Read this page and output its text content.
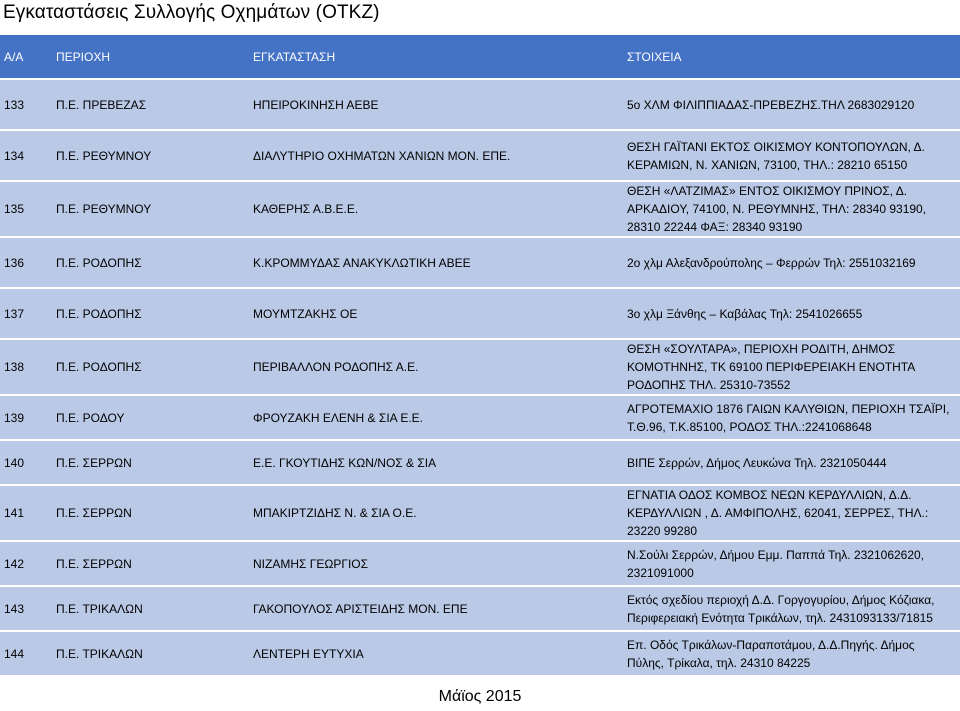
Εγκαταστάσεις Συλλογής Οχημάτων (ΟΤΚΖ)
Α/Α	ΠΕΡΙΟΧΗ	ΕΓΚΑΤΑΣΤΑΣΗ	ΣΤΟΙΧΕΙΑ
133	Π.Ε. ΠΡΕΒΕΖΑΣ	ΗΠΕΙΡΟΚΙΝΗΣΗ ΑΕΒΕ	5ο ΧΛΜ ΦΙΛΙΠΠΙΑΔΑΣ-ΠΡΕΒΕΖΗΣ.ΤΗΛ 2683029120
134	Π.Ε. ΡΕΘΥΜΝΟΥ	ΔΙΑΛΥΤΗΡΙΟ ΟΧΗΜΑΤΩΝ ΧΑΝΙΩΝ ΜΟΝ. ΕΠΕ.	ΘΕΣΗ ΓΑΪΤΑΝΙ ΕΚΤΟΣ ΟΙΚΙΣΜΟΥ ΚΟΝΤΟΠΟΥΛΩΝ, Δ. ΚΕΡΑΜΙΩΝ, Ν. ΧΑΝΙΩΝ, 73100, ΤΗΛ.: 28210 65150
135	Π.Ε. ΡΕΘΥΜΝΟΥ	ΚΑΘΕΡΗΣ Α.Β.Ε.Ε.	ΘΕΣΗ «ΛΑΤΖΙΜΑΣ» ΕΝΤΟΣ ΟΙΚΙΣΜΟΥ ΠΡΙΝΟΣ, Δ. ΑΡΚΑΔΙΟΥ, 74100, Ν. ΡΕΘΥΜΝΗΣ, ΤΗΛ: 28340 93190, 28310 22244 ΦΑΞ: 28340 93190
136	Π.Ε. ΡΟΔΟΠΗΣ	Κ.ΚΡΟΜΜΥΔΑΣ ΑΝΑΚΥΚΛΩΤΙΚΗ ΑΒΕΕ	2ο χλμ Αλεξανδρούπολης – Φερρών Τηλ: 2551032169
137	Π.Ε. ΡΟΔΟΠΗΣ	ΜΟΥΜΤΖΑΚΗΣ ΟΕ	3ο χλμ Ξάνθης – Καβάλας Τηλ: 2541026655
138	Π.Ε. ΡΟΔΟΠΗΣ	ΠΕΡΙΒΑΛΛΟΝ ΡΟΔΟΠΗΣ Α.Ε.	ΘΕΣΗ «ΣΟΥΛΤΑΡΑ», ΠΕΡΙΟΧΗ ΡΟΔΙΤΗ, ΔΗΜΟΣ ΚΟΜΟΤΗΝΗΣ, ΤΚ 69100 ΠΕΡΙΦΕΡΕΙΑΚΗ ΕΝΟΤΗΤΑ ΡΟΔΟΠΗΣ ΤΗΛ. 25310-73552
139	Π.Ε. ΡΟΔΟΥ	ΦΡΟΥΖΑΚΗ ΕΛΕΝΗ & ΣΙΑ Ε.Ε.	ΑΓΡΟΤΕΜΑΧΙΟ 1876 ΓΑΙΩΝ ΚΑΛΥΘΙΩΝ, ΠΕΡΙΟΧΗ ΤΣΑΪΡΙ, Τ.Θ.96, Τ.Κ.85100, ΡΟΔΟΣ ΤΗΛ.:2241068648
140	Π.Ε. ΣΕΡΡΩΝ	Ε.Ε. ΓΚΟΥΤΙΔΗΣ ΚΩΝ/ΝΟΣ & ΣΙΑ	ΒΙΠΕ Σερρών, Δήμος Λευκώνα Τηλ. 2321050444
141	Π.Ε. ΣΕΡΡΩΝ	ΜΠΑΚΙΡΤΖΙΔΗΣ Ν. & ΣΙΑ Ο.Ε.	ΕΓΝΑΤΙΑ ΟΔΟΣ ΚΟΜΒΟΣ ΝΕΩΝ ΚΕΡΔΥΛΛΙΩΝ, Δ.Δ. ΚΕΡΔΥΛΛΙΩΝ , Δ. ΑΜΦΙΠΟΛΗΣ, 62041, ΣΕΡΡΕΣ, ΤΗΛ.: 23220 99280
142	Π.Ε. ΣΕΡΡΩΝ	ΝΙΖΑΜΗΣ ΓΕΩΡΓΙΟΣ	Ν.Σούλι Σερρών, Δήμου Εμμ. Παππά Τηλ. 2321062620, 2321091000
143	Π.Ε. ΤΡΙΚΑΛΩΝ	ΓΑΚΟΠΟΥΛΟΣ ΑΡΙΣΤΕΙΔΗΣ ΜΟΝ. ΕΠΕ	Εκτός σχεδίου περιοχή Δ.Δ. Γοργογυρίου, Δήμος Κόζιακα, Περιφερειακή Ενότητα Τρικάλων, τηλ. 2431093133/71815
144	Π.Ε. ΤΡΙΚΑΛΩΝ	ΛΕΝΤΕΡΗ ΕΥΤΥΧΙΑ	Επ. Οδός Τρικάλων-Παραποτάμου, Δ.Δ.Πηγής. Δήμος Πύλης, Τρίκαλα, τηλ. 24310 84225
Μάϊος 2015
